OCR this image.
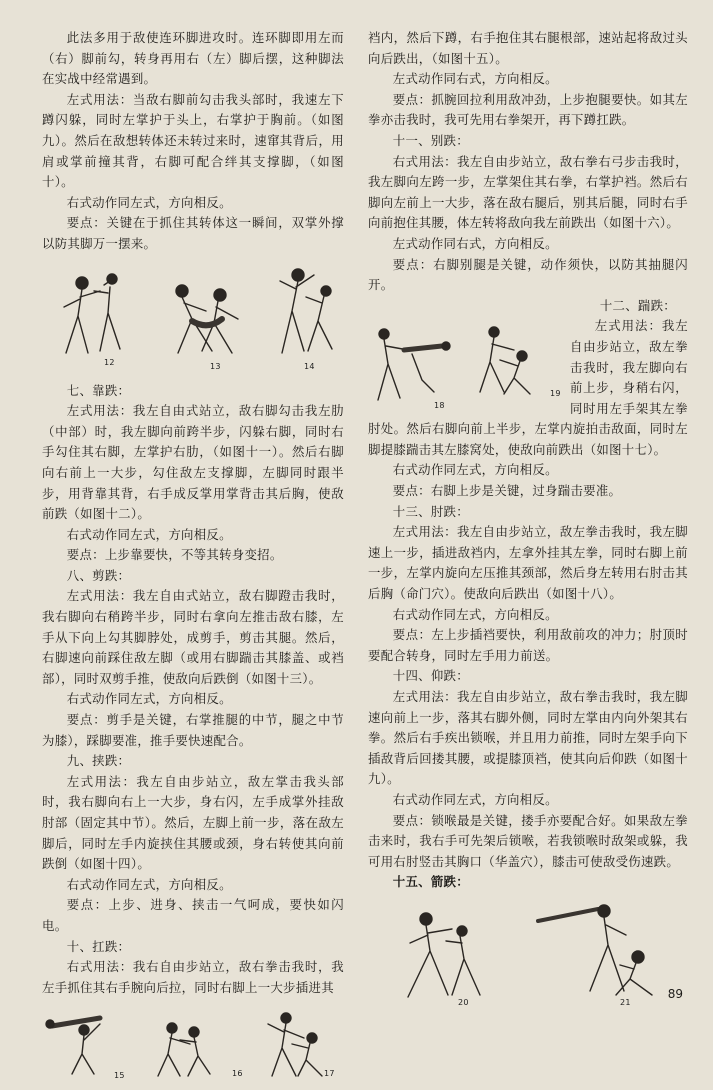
此法多用于敌使连环脚进攻时。连环脚即用左而（右）脚前勾，转身再用右（左）脚后摆，这种脚法在实战中经常遇到。

左式用法：当敌右脚前勾击我头部时，我速左下蹲闪躲，同时左掌护于头上，右掌护于胸前。（如图九）。然后在敌想转体还未转过来时，速窜其背后，用肩或掌前撞其背，右脚可配合绊其支撑脚，（如图十）。

右式动作同左式，方向相反。

要点：关键在于抓住其转体这一瞬间，双掌外撑以防其脚万一摆来。

12	13	14

七、靠跌：

左式用法：我左自由式站立，敌右脚勾击我左肋（中部）时，我左脚向前跨半步，闪躲右脚，同时右手勾住其右脚，左掌护右肋，（如图十一）。然后右脚向右前上一大步，勾住敌左支撑脚，左脚同时跟半步，用背靠其背，右手成反掌用掌背击其后胸，使敌前跌（如图十二）。

右式动作同左式，方向相反。

要点：上步靠要快，不等其转身变招。

八、剪跌：

左式用法：我左自由式站立，敌右脚蹬击我时，我右脚向右稍跨半步，同时右拿向左推击敌右膝，左手从下向上勾其脚脖处，成剪手，剪击其腿。然后，右脚速向前踩住敌左脚（或用右脚踹击其膝盖、或裆部），同时双剪手推，使敌向后跌倒（如图十三）。

右式动作同左式，方向相反。

要点：剪手是关键，右掌推腿的中节，腿之中节为膝），踩脚要准，推手要快速配合。

九、挟跌：

左式用法：我左自由步站立，敌左掌击我头部时，我右脚向右上一大步，身右闪，左手成掌外挂敌肘部（固定其中节）。然后，左脚上前一步，落在敌左脚后，同时左手内旋挟住其腰或颈，身右转使其向前跌倒（如图十四）。

右式动作同左式，方向相反。

要点：上步、进身、挟击一气呵成，要快如闪电。

十、扛跌：

右式用法：我右自由步站立，敌右拳击我时，我左手抓住其右手腕向后拉，同时右脚上一大步插进其

15	16	17

裆内，然后下蹲，右手抱住其右腿根部，速站起将敌过头向后跌出，（如图十五）。

左式动作同右式，方向相反。

要点：抓腕回拉利用敌冲劲，上步抱腿要快。如其左拳亦击我时，我可先用右拳架开，再下蹲扛跌。

十一、别跌：

右式用法：我左自由步站立，敌右拳右弓步击我时，我左脚向左跨一步，左掌架住其右拳，右掌护裆。然后右脚向左前上一大步，落在敌右腿后，别其后腿，同时右手向前抱住其腰，体左转将敌向我左前跌出（如图十六）。

左式动作同右式，方向相反。

要点：右脚别腿是关键，动作须快，以防其抽腿闪开。

十二、踹跌：

18
19

左式用法：我左自由步站立，敌左拳击我时，我左脚向右前上步，身稍右闪，同时用左手架其左拳肘处。然后右脚向前上半步，左掌内旋拍击敌面，同时左脚提膝踹击其左膝窝处，使敌向前跌出（如图十七）。

右式动作同左式，方向相反。

要点：右脚上步是关键，过身踹击要准。

十三、肘跌：

左式用法：我左自由步站立，敌左拳击我时，我左脚速上一步，插进敌裆内，左拿外挂其左拳，同时右脚上前一步，左掌内旋向左压推其颈部，然后身左转用右肘击其后胸（命门穴）。使敌向后跌出（如图十八）。

右式动作同左式，方向相反。

要点：左上步插裆要快，利用敌前攻的冲力；肘顶时要配合转身，同时左手用力前送。

十四、仰跌：

左式用法：我左自由步站立，敌右拳击我时，我左脚速向前上一步，落其右脚外侧，同时左掌由内向外架其右拳。然后右手疾出锁喉，并且用力前推，同时左架手向下插敌背后回搂其腰，或提膝顶裆，使其向后仰跌（如图十九）。

右式动作同左式，方向相反。

要点：锁喉最是关键，搂手亦要配合好。如果敌左拳击来时，我右手可先架后锁喉，若我锁喉时敌架或躲，我可用右肘竖击其胸口（华盖穴），膝击可使敌受伤速跌。

十五、箭跌：

20	21
89
